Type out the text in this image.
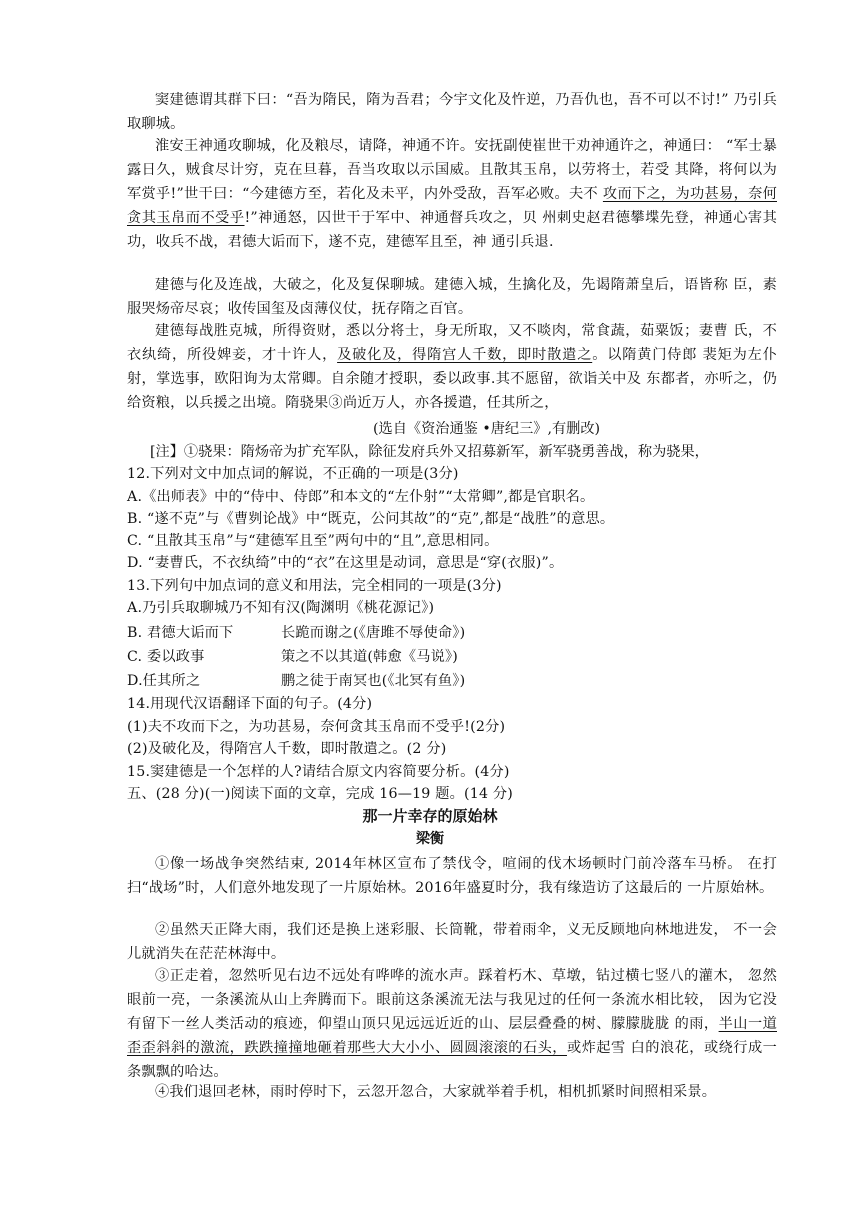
窦建德谓其群下曰：“吾为隋民，隋为吾君；今宇文化及忤逆，乃吾仇也，吾不可以不讨!” 乃引兵取聊城。

淮安王神通攻聊城，化及粮尽，请降，神通不许。安抚副使崔世干劝神通许之，神通曰： “军士暴露日久，贼食尽计穷，克在旦暮，吾当攻取以示国威。且散其玉帛，以劳将士，若受 其降，将何以为军赏乎!”世干曰：“今建德方至，若化及未平，内外受敌，吾军必败。夫不 攻而下之，为功甚易，奈何贪其玉帛而不受乎!”神通怒，囚世干于军中、神通督兵攻之，贝 州刺史赵君德攀堞先登，神通心害其功，收兵不战，君德大诟而下，遂不克，建德军且至，神 通引兵退.

建德与化及连战，大破之，化及复保聊城。建德入城，生擒化及，先谒隋萧皇后，语皆称 臣，素服哭炀帝尽哀；收传国玺及卤薄仪仗，抚存隋之百官。

建德每战胜克城，所得资财，悉以分将士，身无所取，又不啖肉，常食蔬，茹粟饭；妻曹 氏，不衣纨绮，所役婢妾，才十许人，及破化及，得隋宫人千数，即时散遣之。以隋黄门侍郎 裴矩为左仆射，掌选事，欧阳询为太常卿。自余随才授职，委以政事.其不愿留，欲诣关中及 东都者，亦听之，仍给资粮，以兵援之出境。隋骁果③尚近万人，亦各援遣，任其所之，

(选自《资治通鉴 •唐纪三》,有删改)

[注】①骁果：隋炀帝为扩充军队，除征发府兵外又招募新军，新军骁勇善战，称为骁果，

12.下列对文中加点词的解说，不正确的一项是(3分)

A.《出师表》中的“侍中、侍郎”和本文的“左仆射”“太常卿”,都是官职名。

B. “遂不克”与《曹刿论战》中“既克，公问其故”的“克”,都是“战胜”的意思。

C. “且散其玉帛”与“建德军且至”两句中的“且”,意思相同。

D. “妻曹氏，不衣纨绮”中的“衣”在这里是动词，意思是“穿(衣服)”。

13.下列句中加点词的意义和用法，完全相同的一项是(3分)

A.乃引兵取聊城乃不知有汉(陶渊明《桃花源记》)

B. 君德大诟而下	长跪而谢之(《唐雎不辱使命》)

C. 委以政事	策之不以其道(韩愈《马说》)

D.任其所之	鹏之徒于南冥也(《北冥有鱼》)

14.用现代汉语翻译下面的句子。(4分)

(1)夫不攻而下之，为功甚易，奈何贪其玉帛而不受乎!(2分)

(2)及破化及，得隋宫人千数，即时散遣之。(2 分)

15.窦建德是一个怎样的人?请结合原文内容简要分析。(4分)

五、(28 分)(一)阅读下面的文章，完成 16—19 题。(14 分)

那一片幸存的原始林

梁衡

①像一场战争突然结束, 2014年林区宣布了禁伐令，喧闹的伐木场顿时门前冷落车马桥。 在打扫“战场”时，人们意外地发现了一片原始林。2016年盛夏时分，我有缘造访了这最后的 一片原始林。

②虽然天正降大雨，我们还是换上迷彩服、长筒靴，带着雨伞，义无反顾地向林地进发， 不一会儿就消失在茫茫林海中。

③正走着，忽然听见右边不远处有哗哗的流水声。踩着朽木、草墩，钻过横七竖八的灌木， 忽然眼前一亮，一条溪流从山上奔腾而下。眼前这条溪流无法与我见过的任何一条流水相比较， 因为它没有留下一丝人类活动的痕迹，仰望山顶只见远远近近的山、层层叠叠的树、朦朦胧胧 的雨，半山一道歪歪斜斜的激流，跌跌撞撞地砸着那些大大小小、圆圆滚滚的石头，或炸起雪 白的浪花，或绕行成一条飘飘的哈达。

④我们退回老林，雨时停时下，云忽开忽合，大家就举着手机，相机抓紧时间照相采景。
